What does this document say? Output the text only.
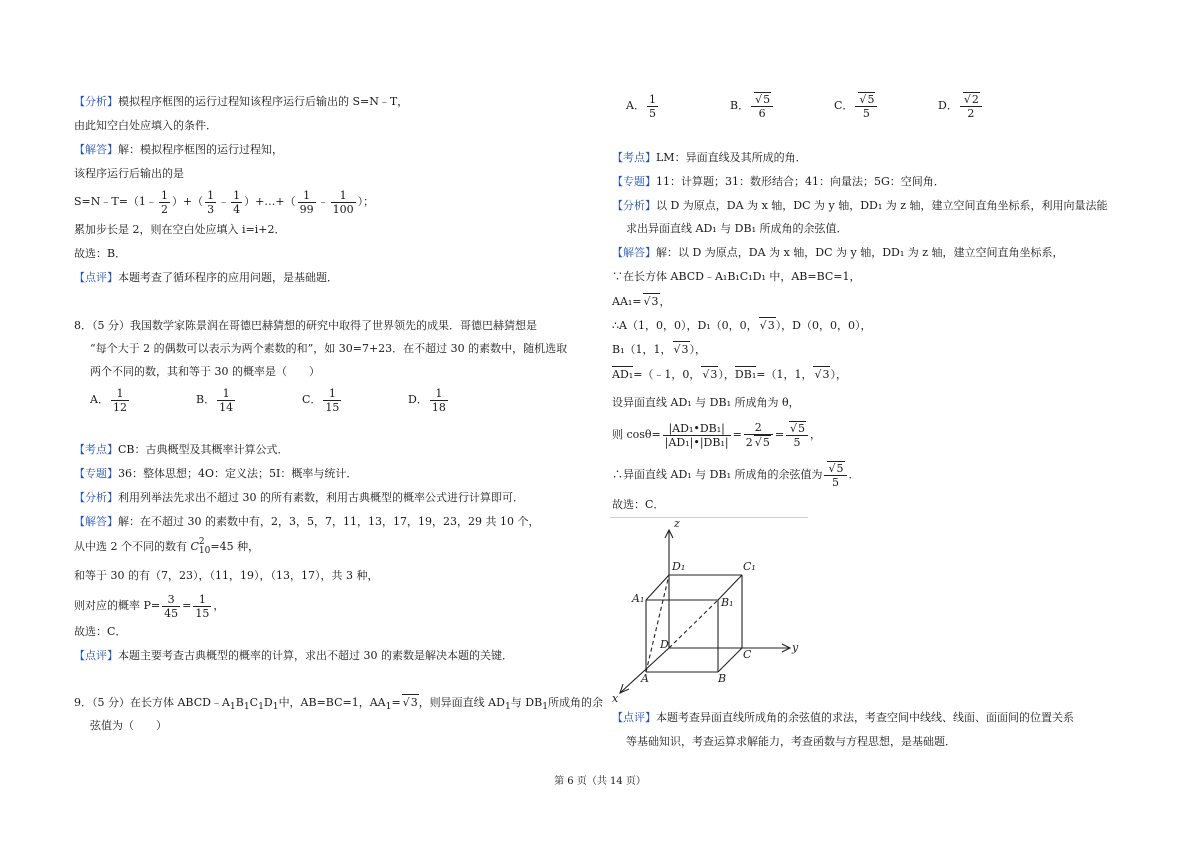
【分析】模拟程序框图的运行过程知该程序运行后输出的 S=N﹣T，
由此知空白处应填入的条件．
【解答】解：模拟程序框图的运行过程知，
该程序运行后输出的是
S=N﹣T=（1﹣ $\frac{1}{2}$ ）+（ $\frac{1}{3}$ ﹣ $\frac{1}{4}$ ）+…+（ $\frac{1}{99}$ ﹣ $\frac{1}{100}$ ）；
累加步长是 2，则在空白处应填入 i=i+2．
故选：B．
【点评】本题考查了循环程序的应用问题，是基础题．
8．（5 分）我国数学家陈景润在哥德巴赫猜想的研究中取得了世界领先的成果．哥德巴赫猜想是
“每个大于 2 的偶数可以表示为两个素数的和”，如 30=7+23．在不超过 30 的素数中，随机选取
两个不同的数，其和等于 30 的概率是（　　）
A． $\frac{1}{12}$	B． $\frac{1}{14}$	C． $\frac{1}{15}$	D． $\frac{1}{18}$
【考点】CB：古典概型及其概率计算公式．
【专题】36：整体思想；4O：定义法；5I：概率与统计．
【分析】利用列举法先求出不超过 30 的所有素数，利用古典概型的概率公式进行计算即可．
【解答】解：在不超过 30 的素数中有，2，3，5，7，11，13，17，19，23，29 共 10 个，
从中选 2 个不同的数有 C 2
10 =45 种，
和等于 30 的有（7，23），（11，19），（13，17），共 3 种，
则对应的概率 $P= \frac{3}{45} = \frac{1}{15}$ ，
故选：C．
【点评】本题主要考查古典概型的概率的计算，求出不超过 30 的素数是解决本题的关键．
9．（5 分）在长方体 $ABCD﹣A_1B_1C_1D_1$中，AB=BC=1，$AA_1=√$ 3，则异面直线 $AD_1$与 $DB_1$所成角的余
弦值为（　　）
A． $\frac{1}{5}$	B．
√ $\frac{5}{6}$	C．
√ $\frac{5}{5}$	D．
√ $\frac{2}{2}$
【考点】LM：异面直线及其所成的角．
【专题】11：计算题；31：数形结合；41：向量法；5G：空间角．
【分析】以 D 为原点，DA 为 x 轴，DC 为 y 轴，DD₁ 为 z 轴，建立空间直角坐标系，利用向量法能
求出异面直线 AD₁ 与 DB₁ 所成角的余弦值．
【解答】解：以 D 为原点，DA 为 x 轴，DC 为 y 轴，DD₁ 为 z 轴，建立空间直角坐标系，
∵在长方体 ABCD﹣A₁B₁C₁D₁ 中，AB=BC=1，
AA₁=√ 3，
∴A（1，0，0），D₁（0，0，√ 3），D（0，0，0），
B₁（1，1，√ 3），
AD₁=（﹣1，0，√ 3），DB₁=（1，1，√ 3），
设异面直线 AD₁ 与 DB₁ 所成角为 θ，
则 $\cos\theta= \frac{\text{|AD₁•DB₁|}}{\text{|AD₁|•|DB₁|}} = \frac{2}{2√ 5}$ =
√ $\frac{5}{5}$ ，
∴异面直线 AD₁ 与 DB₁ 所成角的余弦值为
√ $\frac{5}{5}$ ．
故选：C．
z
y
x
D₁	C₁
A₁	B₁
D
C
A	B
【点评】本题考查异面直线所成角的余弦值的求法，考查空间中线线、线面、面面间的位置关系
等基础知识，考查运算求解能力，考查函数与方程思想，是基础题．
第 6 页（共 14 页）
